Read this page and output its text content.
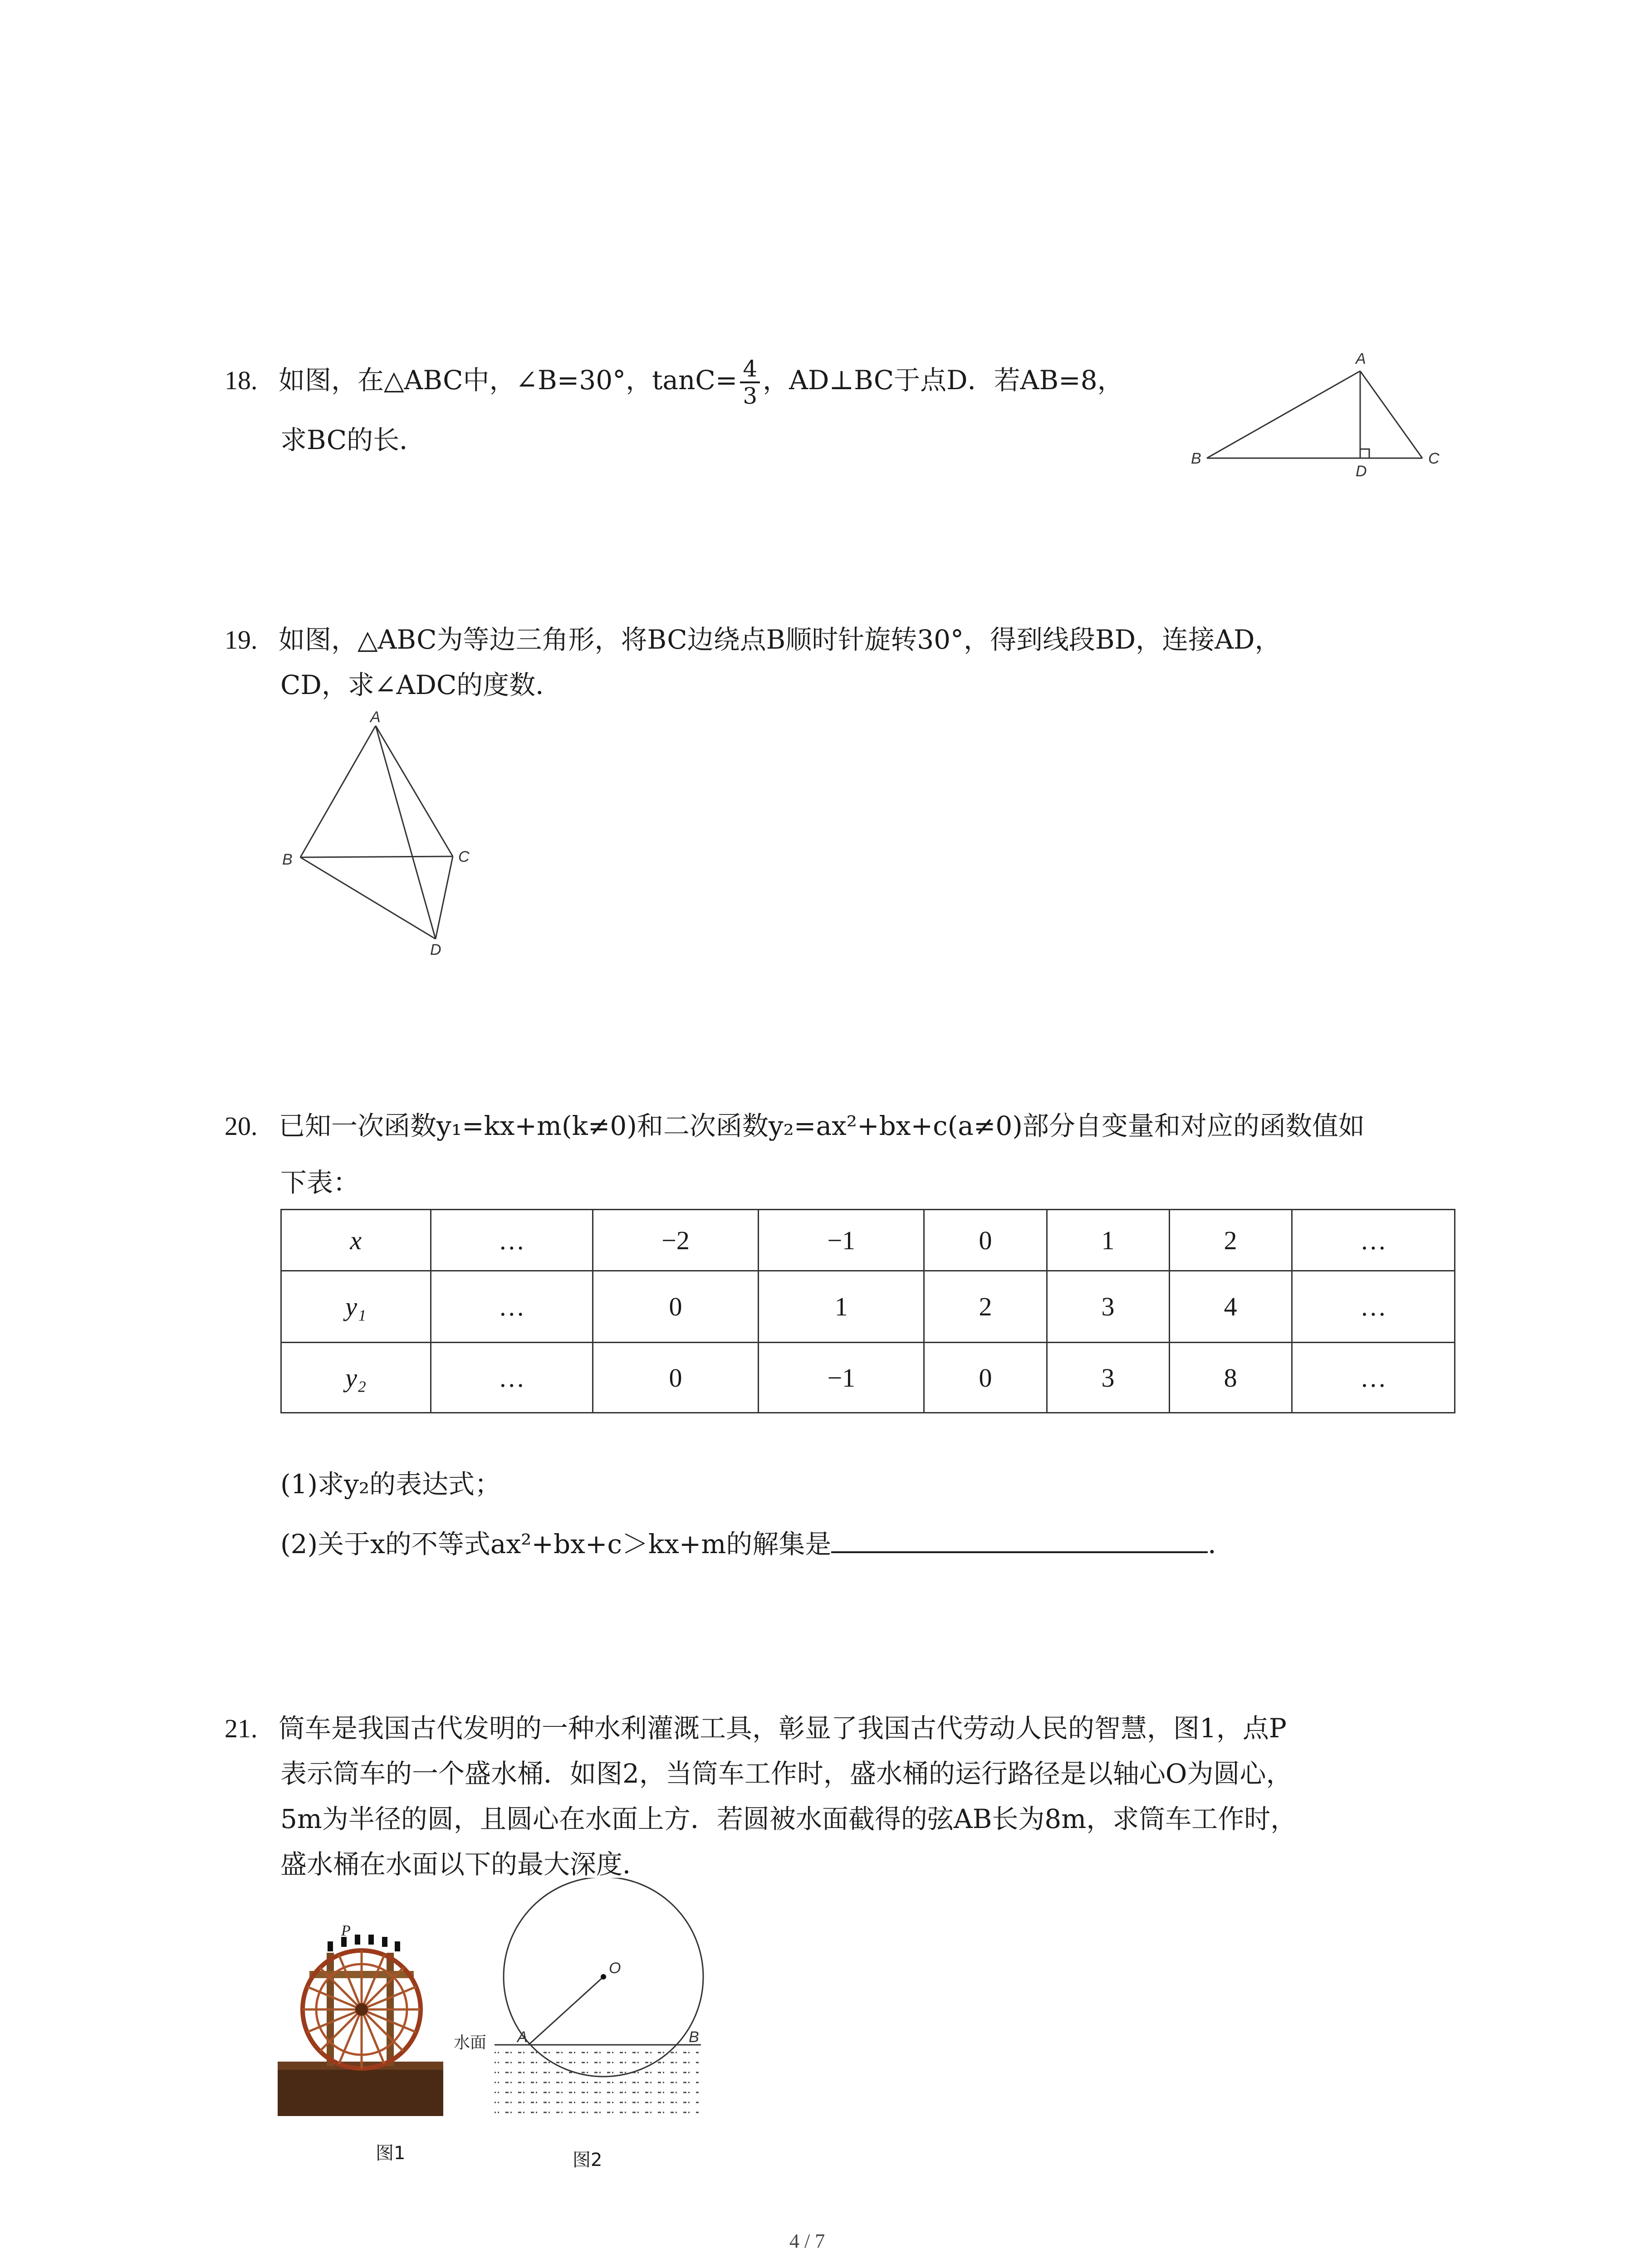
18. 如图，在△ABC中，∠B=30°，$\tan C= \frac{4}{3}$ ，AD⊥BC于点D．若AB=8，
求BC的长．
A
B	C
D
19. 如图，△ABC为等边三角形，将BC边绕点B顺时针旋转30°，得到线段BD，连接AD，
CD，求∠ADC的度数．
A
B	C
D
20. 已知一次函数y₁=kx+m(k≠0)和二次函数y₂=ax²+bx+c(a≠0)部分自变量和对应的函数值如
下表：
x	…	−2	−1	0	1	2	…
y₁	…	0	1	2	3	4	…
y₂	…	0	−1	0	3	8	…
(1)求y₂的表达式；
(2)关于x的不等式ax²+bx+c＞kx+m的解集是	．
21. 筒车是我国古代发明的一种水利灌溉工具，彰显了我国古代劳动人民的智慧，图1，点P
表示筒车的一个盛水桶．如图2，当筒车工作时，盛水桶的运行路径是以轴心O为圆心，
5m为半径的圆，且圆心在水面上方．若圆被水面截得的弦AB长为8m，求筒车工作时，
盛水桶在水面以下的最大深度．
P
图1
O
A	B
水面
图2
4 / 7
